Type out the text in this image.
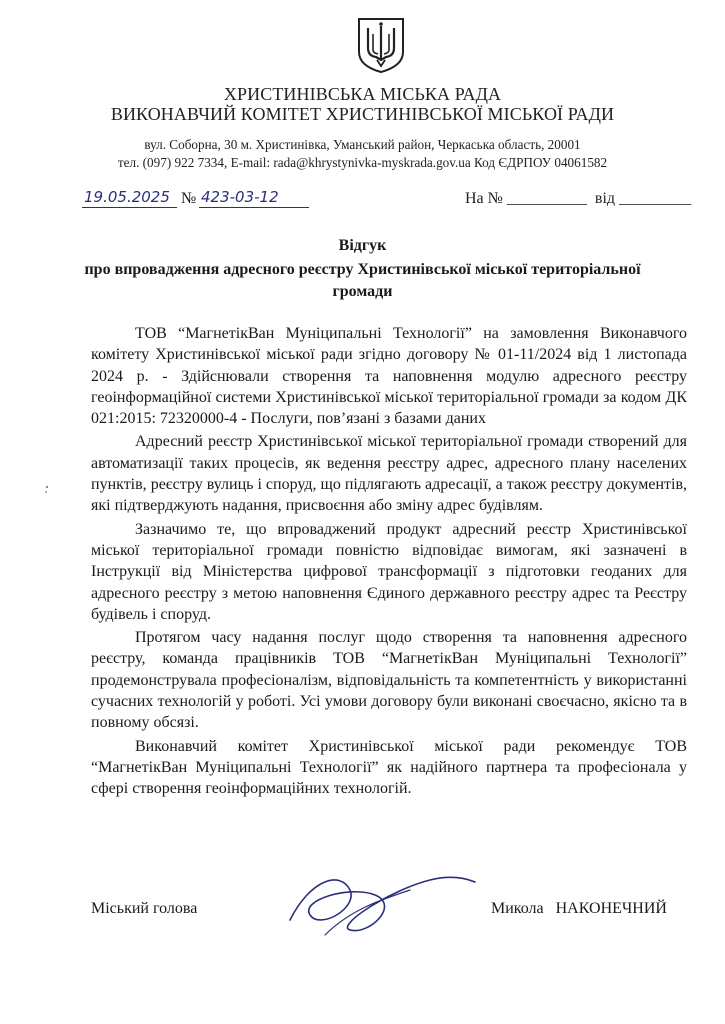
ХРИСТИНІВСЬКА МІСЬКА РАДА
ВИКОНАВЧИЙ КОМІТЕТ ХРИСТИНІВСЬКОЇ МІСЬКОЇ РАДИ
вул. Соборна, 30 м. Христинівка, Уманський район, Черкаська область, 20001
тел. (097) 922 7334, E-mail: rada@khrystynivka-myskrada.gov.ua Код ЄДРПОУ 04061582
19.05.2025 № 423-03-12	На № __________  від _________
Відгук
про впровадження адресного реєстру Христинівської міської територіальної громади

ТОВ “МагнетікВан Муніципальні Технології” на замовлення Виконавчого комітету Христинівської міської ради згідно договору № 01-11/2024 від 1 листопада 2024 р. - Здійснювали створення та наповнення модулю адресного реєстру геоінформаційної системи Христинівської міської територіальної громади за кодом ДК 021:2015: 72320000-4 - Послуги, пов’язані з базами даних

Адресний реєстр Христинівської міської територіальної громади створений для автоматизації таких процесів, як ведення реєстру адрес, адресного плану населених пунктів, реєстру вулиць і споруд, що підлягають адресації, а також реєстру документів, які підтверджують надання, присвоєння або зміну адрес будівлям.

Зазначимо те, що впроваджений продукт адресний реєстр Христинівської міської територіальної громади повністю відповідає вимогам, які зазначені в Інструкції від Міністерства цифрової трансформації з підготовки геоданих для адресного реєстру з метою наповнення Єдиного державного реєстру адрес та Реєстру будівель і споруд.

Протягом часу надання послуг щодо створення та наповнення адресного реєстру, команда працівників ТОВ “МагнетікВан Муніципальні Технології” продемонструвала професіоналізм, відповідальність та компетентність у використанні сучасних технологій у роботі. Усі умови договору були виконані своєчасно, якісно та в повному обсязі.

Виконавчий комітет Христинівської міської ради рекомендує ТОВ “МагнетікВан Муніципальні Технології” як надійного партнера та професіонала у сфері створення геоінформаційних технологій.

Міський голова	Микола   НАКОНЕЧНИЙ
